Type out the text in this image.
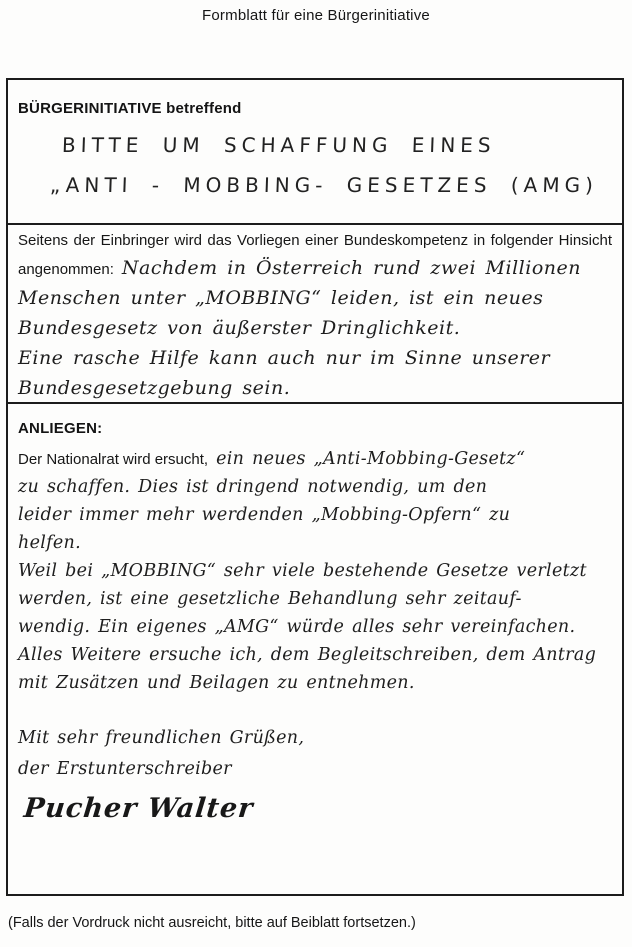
Formblatt für eine Bürgerinitiative
BÜRGERINITIATIVE betreffend
BITTE UM SCHAFFUNG EINES
„ANTI - MOBBING- GESETZES (AMG)
Seitens der Einbringer wird das Vorliegen einer Bundeskompetenz in folgender Hinsicht
angenommen: Nachdem in Österreich rund zwei Millionen
Menschen unter „MOBBING“ leiden, ist ein neues
Bundesgesetz von äußerster Dringlichkeit.
Eine rasche Hilfe kann auch nur im Sinne unserer
Bundesgesetzgebung sein.
ANLIEGEN:
Der Nationalrat wird ersucht, ein neues „Anti-Mobbing-Gesetz“
zu schaffen. Dies ist dringend notwendig, um den
leider immer mehr werdenden „Mobbing-Opfern“ zu
helfen.
Weil bei „MOBBING“ sehr viele bestehende Gesetze verletzt
werden, ist eine gesetzliche Behandlung sehr zeitauf-
wendig. Ein eigenes „AMG“ würde alles sehr vereinfachen.
Alles Weitere ersuche ich, dem Begleitschreiben, dem Antrag
mit Zusätzen und Beilagen zu entnehmen.
Mit sehr freundlichen Grüßen,
der Erstunterschreiber
Pucher Walter
(Falls der Vordruck nicht ausreicht, bitte auf Beiblatt fortsetzen.)
